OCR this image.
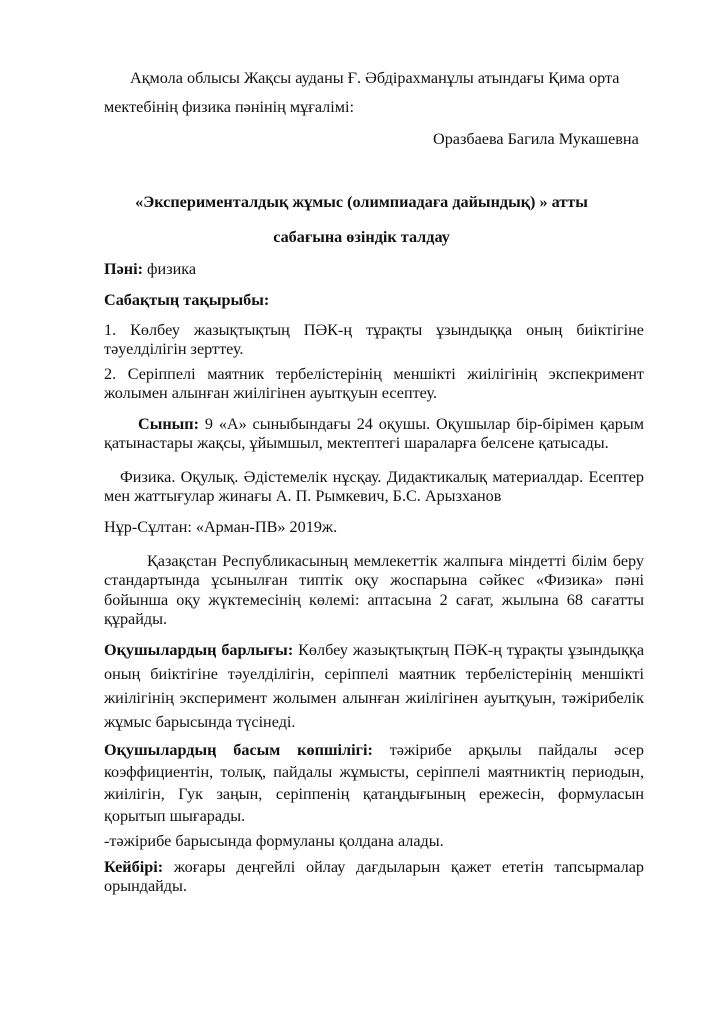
Ақмола облысы Жақсы ауданы Ғ. Әбдірахманұлы атындағы Қима орта
мектебінің физика пәнінің мұғалімі:
Оразбаева Багила Мукашевна
«Эксперименталдық жұмыс (олимпиадаға дайындық) » атты
сабағына өзіндік талдау
Пәні: физика
Сабақтың тақырыбы:
1. Көлбеу жазықтықтың ПӘК-ң тұрақты ұзындыққа оның биіктігіне
тәуелділігін зерттеу.
2. Серіппелі маятник тербелістерінің меншікті жиілігінің экспекримент
жолымен алынған жиілігінен ауытқуын есептеу.
Сынып: 9 «А» сыныбындағы 24 оқушы. Оқушылар бір-бірімен қарым
қатынастары жақсы, ұйымшыл, мектептегі шараларға белсене қатысады.
Физика. Оқулық. Әдістемелік нұсқау. Дидактикалық материалдар. Есептер
мен жаттығулар жинағы А. П. Рымкевич, Б.С. Арызханов
Нұр-Сұлтан: «Арман-ПВ» 2019ж.
Қазақстан Республикасының мемлекеттік жалпыға міндетті білім беру
стандартында ұсынылған типтік оқу жоспарына сәйкес «Физика» пәні
бойынша оқу жүктемесінің көлемі: аптасына 2 сағат, жылына 68 сағатты
құрайды.
Оқушылардың барлығы: Көлбеу жазықтықтың ПӘК-ң тұрақты ұзындыққа
оның биіктігіне тәуелділігін, серіппелі маятник тербелістерінің меншікті
жиілігінің эксперимент жолымен алынған жиілігінен ауытқуын, тәжірибелік
жұмыс барысында түсінеді.
Оқушылардың басым көпшілігі: тәжірибе арқылы пайдалы әсер
коэффициентін, толық, пайдалы жұмысты, серіппелі маятниктің периодын,
жиілігін, Гук заңын, серіппенің қатаңдығының ережесін, формуласын
қорытып шығарады.
-тәжірибе барысында формуланы қолдана алады.
Кейбірі: жоғары деңгейлі ойлау дағдыларын қажет ететін тапсырмалар
орындайды.
